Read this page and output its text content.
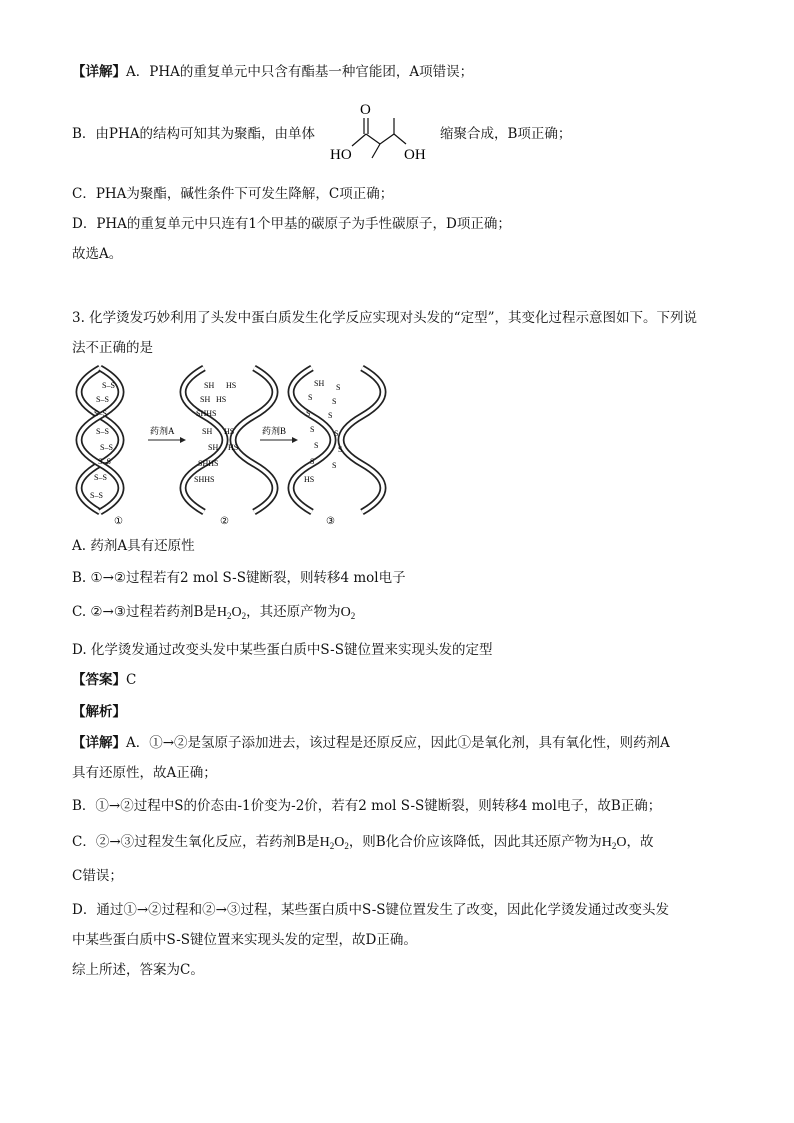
【详解】A．PHA的重复单元中只含有酯基一种官能团，A项错误；
B．由PHA的结构可知其为聚酯，由单体
O
HO	OH
缩聚合成，B项正确；
C．PHA为聚酯，碱性条件下可发生降解，C项正确；
D．PHA的重复单元中只连有1个甲基的碳原子为手性碳原子，D项正确；
故选A。
3. 化学烫发巧妙利用了头发中蛋白质发生化学反应实现对头发的“定型”，其变化过程示意图如下。下列说
法不正确的是
S–S
S–S
S–S
S–S
S–S
S–S
S–S
S–S
药剂A
SH HS
SH HS
SHHS
SH HS
SH HS
SHHS
SHHS
药剂B
SH S
S S
S S
S S
S S
S S
HS
①	②	③
A. 药剂A具有还原性
B. ①→②过程若有2 mol S-S键断裂，则转移4 mol电子
C. ②→③过程若药剂B是$H_2O_2$，其还原产物为$O_2$
D. 化学烫发通过改变头发中某些蛋白质中S-S键位置来实现头发的定型
【答案】C
【解析】
【详解】A．①→②是氢原子添加进去，该过程是还原反应，因此①是氧化剂，具有氧化性，则药剂A
具有还原性，故A正确；
B．①→②过程中S的价态由-1价变为-2价，若有2 mol S-S键断裂，则转移4 mol电子，故B正确；
C．②→③过程发生氧化反应，若药剂B是$H_2O_2$，则B化合价应该降低，因此其还原产物为$H_2O$，故
C错误；
D．通过①→②过程和②→③过程，某些蛋白质中S-S键位置发生了改变，因此化学烫发通过改变头发
中某些蛋白质中S-S键位置来实现头发的定型，故D正确。
综上所述，答案为C。
